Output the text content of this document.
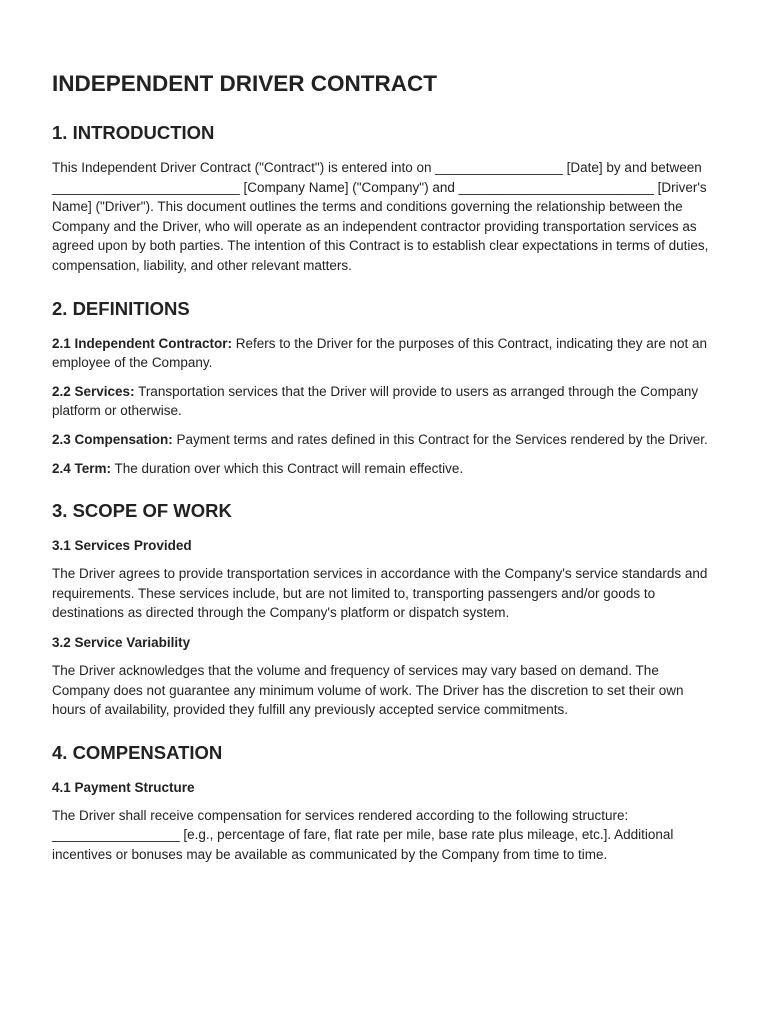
INDEPENDENT DRIVER CONTRACT
1. INTRODUCTION

This Independent Driver Contract ("Contract") is entered into on _________________ [Date] by and between _________________________ [Company Name] ("Company") and __________________________ [Driver's Name] ("Driver"). This document outlines the terms and conditions governing the relationship between the Company and the Driver, who will operate as an independent contractor providing transportation services as agreed upon by both parties. The intention of this Contract is to establish clear expectations in terms of duties, compensation, liability, and other relevant matters.

2. DEFINITIONS

2.1 Independent Contractor: Refers to the Driver for the purposes of this Contract, indicating they are not an employee of the Company.

2.2 Services: Transportation services that the Driver will provide to users as arranged through the Company platform or otherwise.

2.3 Compensation: Payment terms and rates defined in this Contract for the Services rendered by the Driver.

2.4 Term: The duration over which this Contract will remain effective.

3. SCOPE OF WORK
3.1 Services Provided

The Driver agrees to provide transportation services in accordance with the Company's service standards and requirements. These services include, but are not limited to, transporting passengers and/or goods to destinations as directed through the Company's platform or dispatch system.

3.2 Service Variability

The Driver acknowledges that the volume and frequency of services may vary based on demand. The Company does not guarantee any minimum volume of work. The Driver has the discretion to set their own hours of availability, provided they fulfill any previously accepted service commitments.

4. COMPENSATION
4.1 Payment Structure

The Driver shall receive compensation for services rendered according to the following structure: _________________ [e.g., percentage of fare, flat rate per mile, base rate plus mileage, etc.]. Additional incentives or bonuses may be available as communicated by the Company from time to time.
